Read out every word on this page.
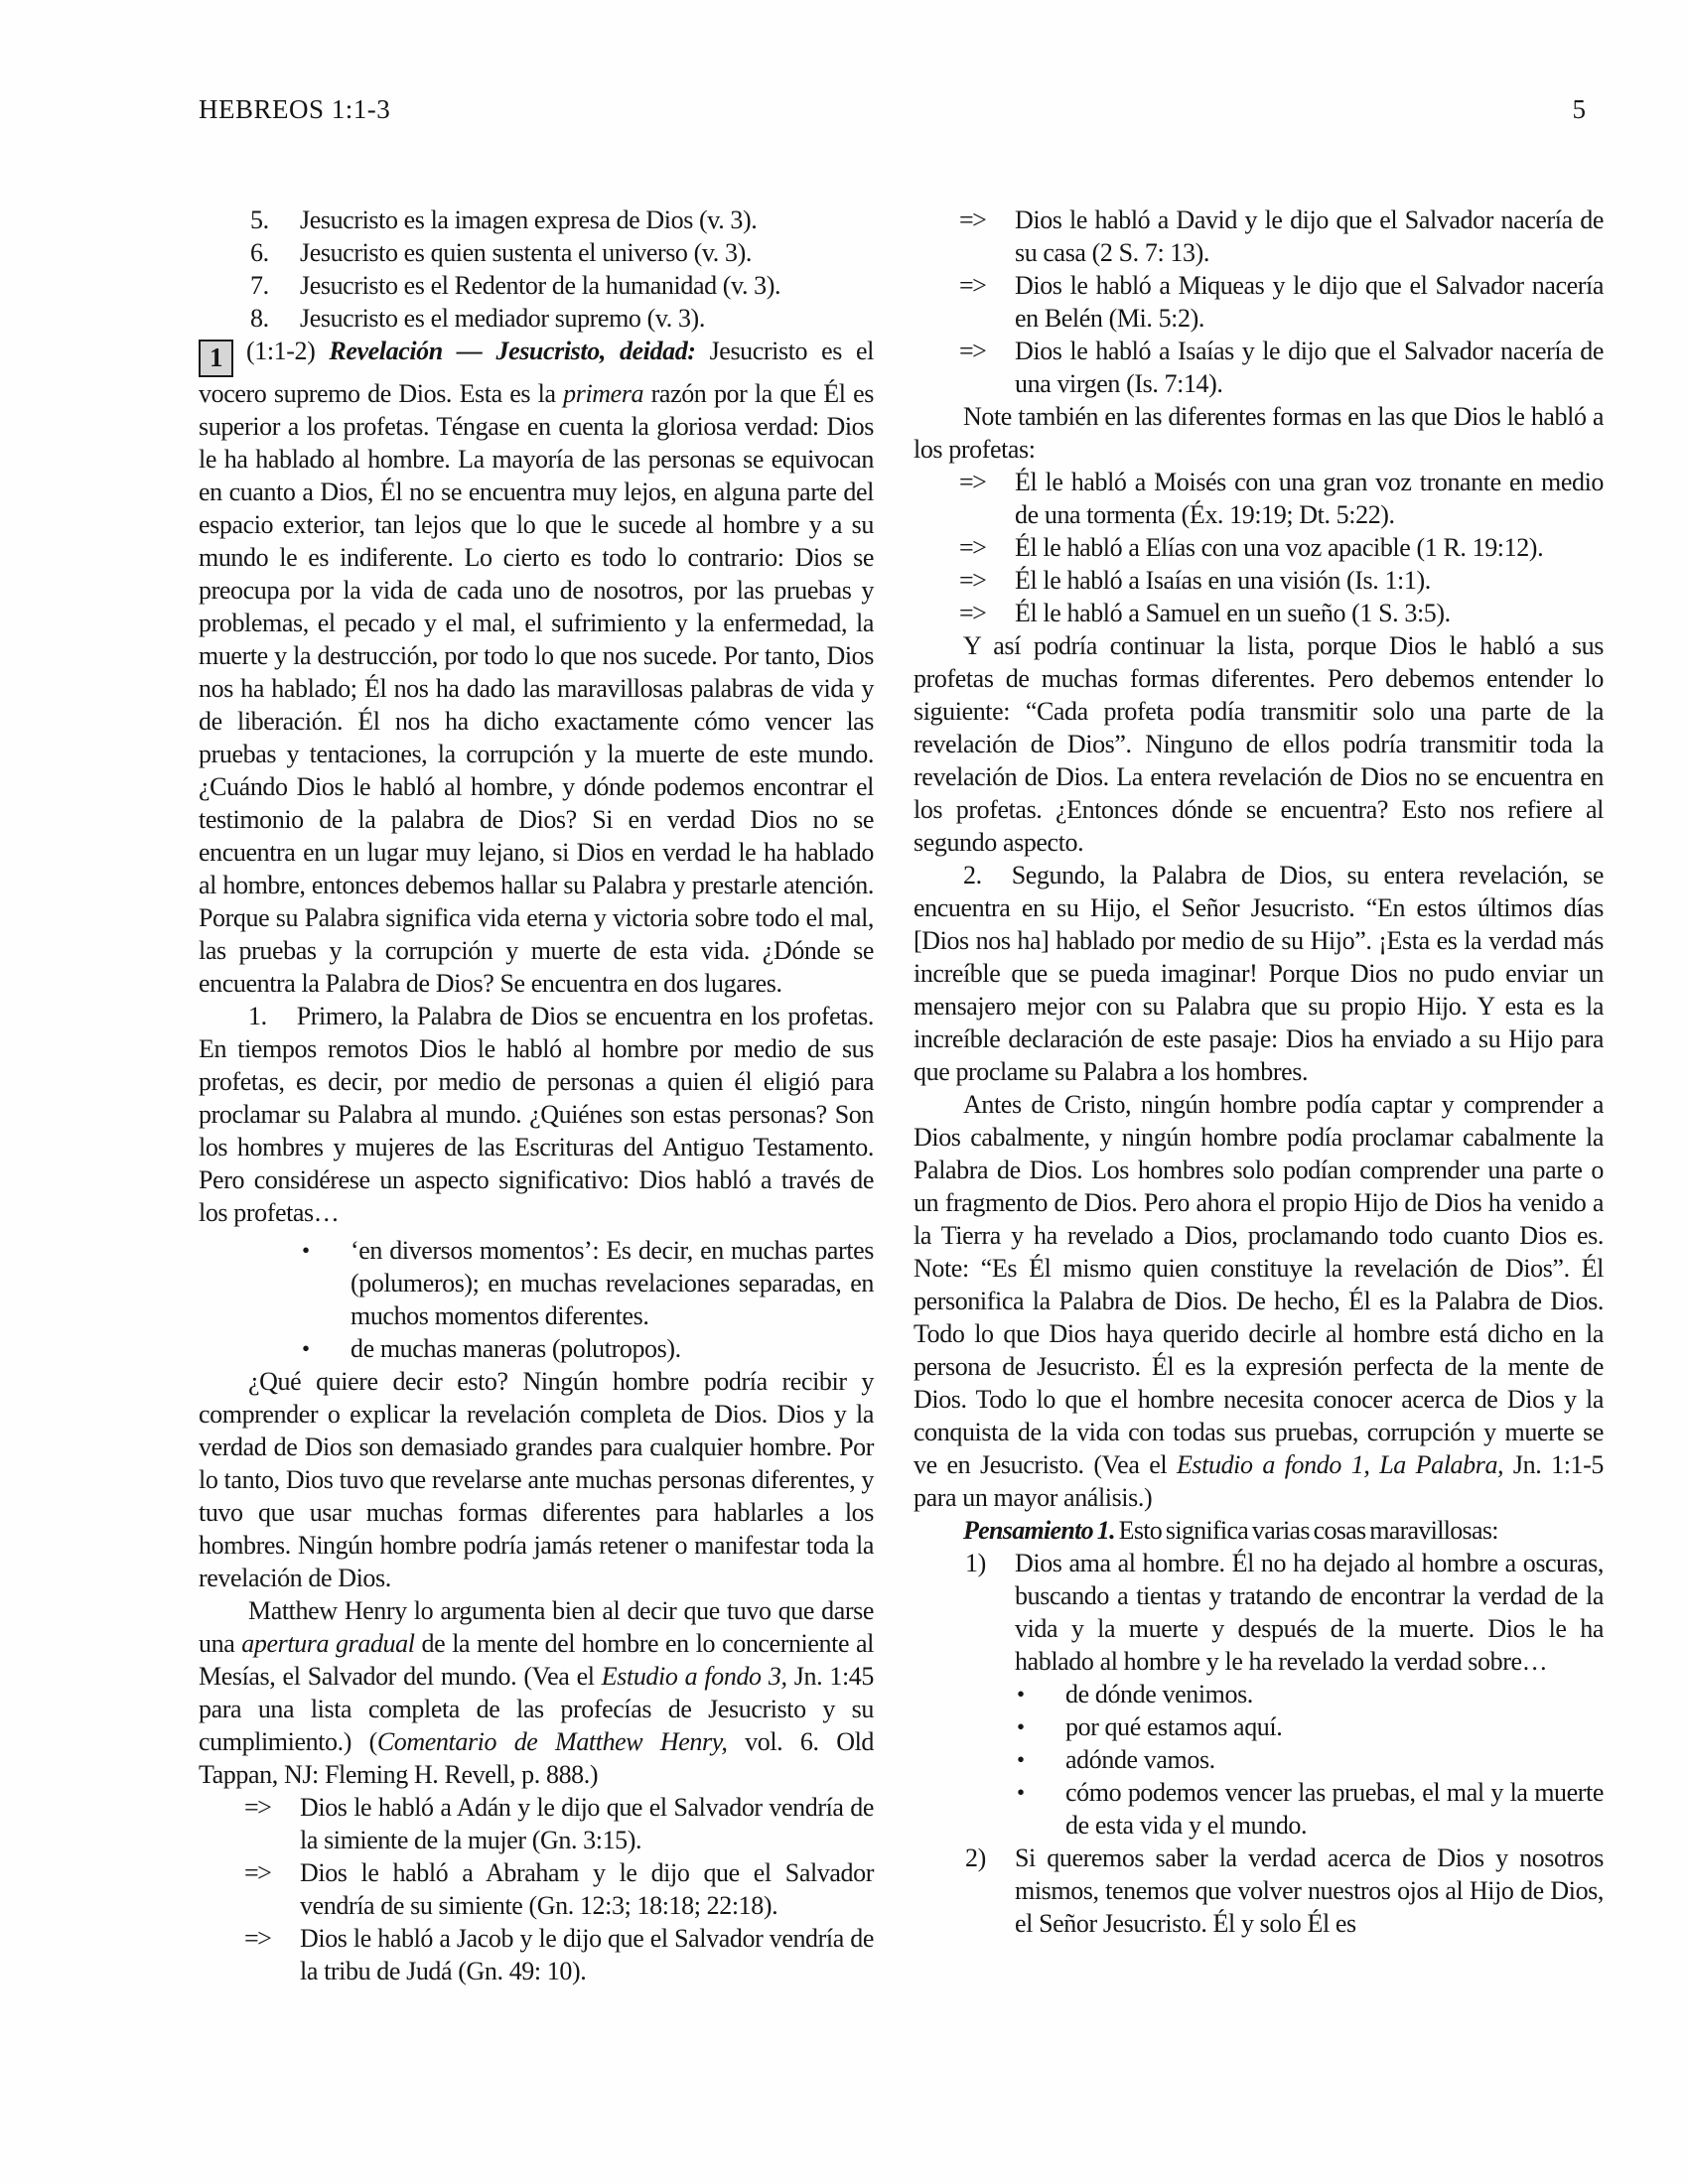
HEBREOS 1:1-3	5
5. Jesucristo es la imagen expresa de Dios (v. 3).
6. Jesucristo es quien sustenta el universo (v. 3).
7. Jesucristo es el Redentor de la humanidad (v. 3).
8. Jesucristo es el mediador supremo (v. 3).

1 (1:1-2) Revelación — Jesucristo, deidad: Jesucristo es el vocero supremo de Dios. Esta es la primera razón por la que Él es superior a los profetas. Téngase en cuenta la gloriosa verdad: Dios le ha hablado al hombre. La mayoría de las personas se equivocan en cuanto a Dios, Él no se encuentra muy lejos, en alguna parte del espacio exterior, tan lejos que lo que le sucede al hombre y a su mundo le es indiferente. Lo cierto es todo lo contrario: Dios se preocupa por la vida de cada uno de nosotros, por las pruebas y problemas, el pecado y el mal, el sufrimiento y la enfermedad, la muerte y la destrucción, por todo lo que nos sucede. Por tanto, Dios nos ha hablado; Él nos ha dado las maravillosas palabras de vida y de liberación. Él nos ha dicho exactamente cómo vencer las pruebas y tentaciones, la corrupción y la muerte de este mundo. ¿Cuándo Dios le habló al hombre, y dónde podemos encontrar el testimonio de la palabra de Dios? Si en verdad Dios no se encuentra en un lugar muy lejano, si Dios en verdad le ha hablado al hombre, entonces debemos hallar su Palabra y prestarle atención. Porque su Palabra significa vida eterna y victoria sobre todo el mal, las pruebas y la corrupción y muerte de esta vida. ¿Dónde se encuentra la Palabra de Dios? Se encuentra en dos lugares.

1. Primero, la Palabra de Dios se encuentra en los profetas. En tiempos remotos Dios le habló al hombre por medio de sus profetas, es decir, por medio de personas a quien él eligió para proclamar su Palabra al mundo. ¿Quiénes son estas personas? Son los hombres y mujeres de las Escrituras del Antiguo Testamento. Pero considérese un aspecto significativo: Dios habló a través de los profetas…

• ‘en diversos momentos’: Es decir, en muchas partes (polumeros); en muchas revelaciones separadas, en muchos momentos diferentes.
• de muchas maneras (polutropos).

¿Qué quiere decir esto? Ningún hombre podría recibir y comprender o explicar la revelación completa de Dios. Dios y la verdad de Dios son demasiado grandes para cualquier hombre. Por lo tanto, Dios tuvo que revelarse ante muchas personas diferentes, y tuvo que usar muchas formas diferentes para hablarles a los hombres. Ningún hombre podría jamás retener o manifestar toda la revelación de Dios.

Matthew Henry lo argumenta bien al decir que tuvo que darse una apertura gradual de la mente del hombre en lo concerniente al Mesías, el Salvador del mundo. (Vea el Estudio a fondo 3, Jn. 1:45 para una lista completa de las profecías de Jesucristo y su cumplimiento.) (Comentario de Matthew Henry, vol. 6. Old Tappan, NJ: Fleming H. Revell, p. 888.)

=> Dios le habló a Adán y le dijo que el Salvador vendría de la simiente de la mujer (Gn. 3:15).
=> Dios le habló a Abraham y le dijo que el Salvador vendría de su simiente (Gn. 12:3; 18:18; 22:18).
=> Dios le habló a Jacob y le dijo que el Salvador vendría de la tribu de Judá (Gn. 49: 10).
=> Dios le habló a David y le dijo que el Salvador nacería de su casa (2 S. 7: 13).
=> Dios le habló a Miqueas y le dijo que el Salvador nacería en Belén (Mi. 5:2).
=> Dios le habló a Isaías y le dijo que el Salvador nacería de una virgen (Is. 7:14).

Note también en las diferentes formas en las que Dios le habló a los profetas:

=> Él le habló a Moisés con una gran voz tronante en medio de una tormenta (Éx. 19:19; Dt. 5:22).
=> Él le habló a Elías con una voz apacible (1 R. 19:12).
=> Él le habló a Isaías en una visión (Is. 1:1).
=> Él le habló a Samuel en un sueño (1 S. 3:5).

Y así podría continuar la lista, porque Dios le habló a sus profetas de muchas formas diferentes. Pero debemos entender lo siguiente: “Cada profeta podía transmitir solo una parte de la revelación de Dios”. Ninguno de ellos podría transmitir toda la revelación de Dios. La entera revelación de Dios no se encuentra en los profetas. ¿Entonces dónde se encuentra? Esto nos refiere al segundo aspecto.

2. Segundo, la Palabra de Dios, su entera revelación, se encuentra en su Hijo, el Señor Jesucristo. “En estos últimos días [Dios nos ha] hablado por medio de su Hijo”. ¡Esta es la verdad más increíble que se pueda imaginar! Porque Dios no pudo enviar un mensajero mejor con su Palabra que su propio Hijo. Y esta es la increíble declaración de este pasaje: Dios ha enviado a su Hijo para que proclame su Palabra a los hombres.

Antes de Cristo, ningún hombre podía captar y comprender a Dios cabalmente, y ningún hombre podía proclamar cabalmente la Palabra de Dios. Los hombres solo podían comprender una parte o un fragmento de Dios. Pero ahora el propio Hijo de Dios ha venido a la Tierra y ha revelado a Dios, proclamando todo cuanto Dios es. Note: “Es Él mismo quien constituye la revelación de Dios”. Él personifica la Palabra de Dios. De hecho, Él es la Palabra de Dios. Todo lo que Dios haya querido decirle al hombre está dicho en la persona de Jesucristo. Él es la expresión perfecta de la mente de Dios. Todo lo que el hombre necesita conocer acerca de Dios y la conquista de la vida con todas sus pruebas, corrupción y muerte se ve en Jesucristo. (Vea el Estudio a fondo 1, La Palabra, Jn. 1:1-5 para un mayor análisis.)

Pensamiento 1. Esto significa varias cosas maravillosas:

1) Dios ama al hombre. Él no ha dejado al hombre a oscuras, buscando a tientas y tratando de encontrar la verdad de la vida y la muerte y después de la muerte. Dios le ha hablado al hombre y le ha revelado la verdad sobre…
• de dónde venimos.
• por qué estamos aquí.
• adónde vamos.
• cómo podemos vencer las pruebas, el mal y la muerte de esta vida y el mundo.
2) Si queremos saber la verdad acerca de Dios y nosotros mismos, tenemos que volver nuestros ojos al Hijo de Dios, el Señor Jesucristo. Él y solo Él es
